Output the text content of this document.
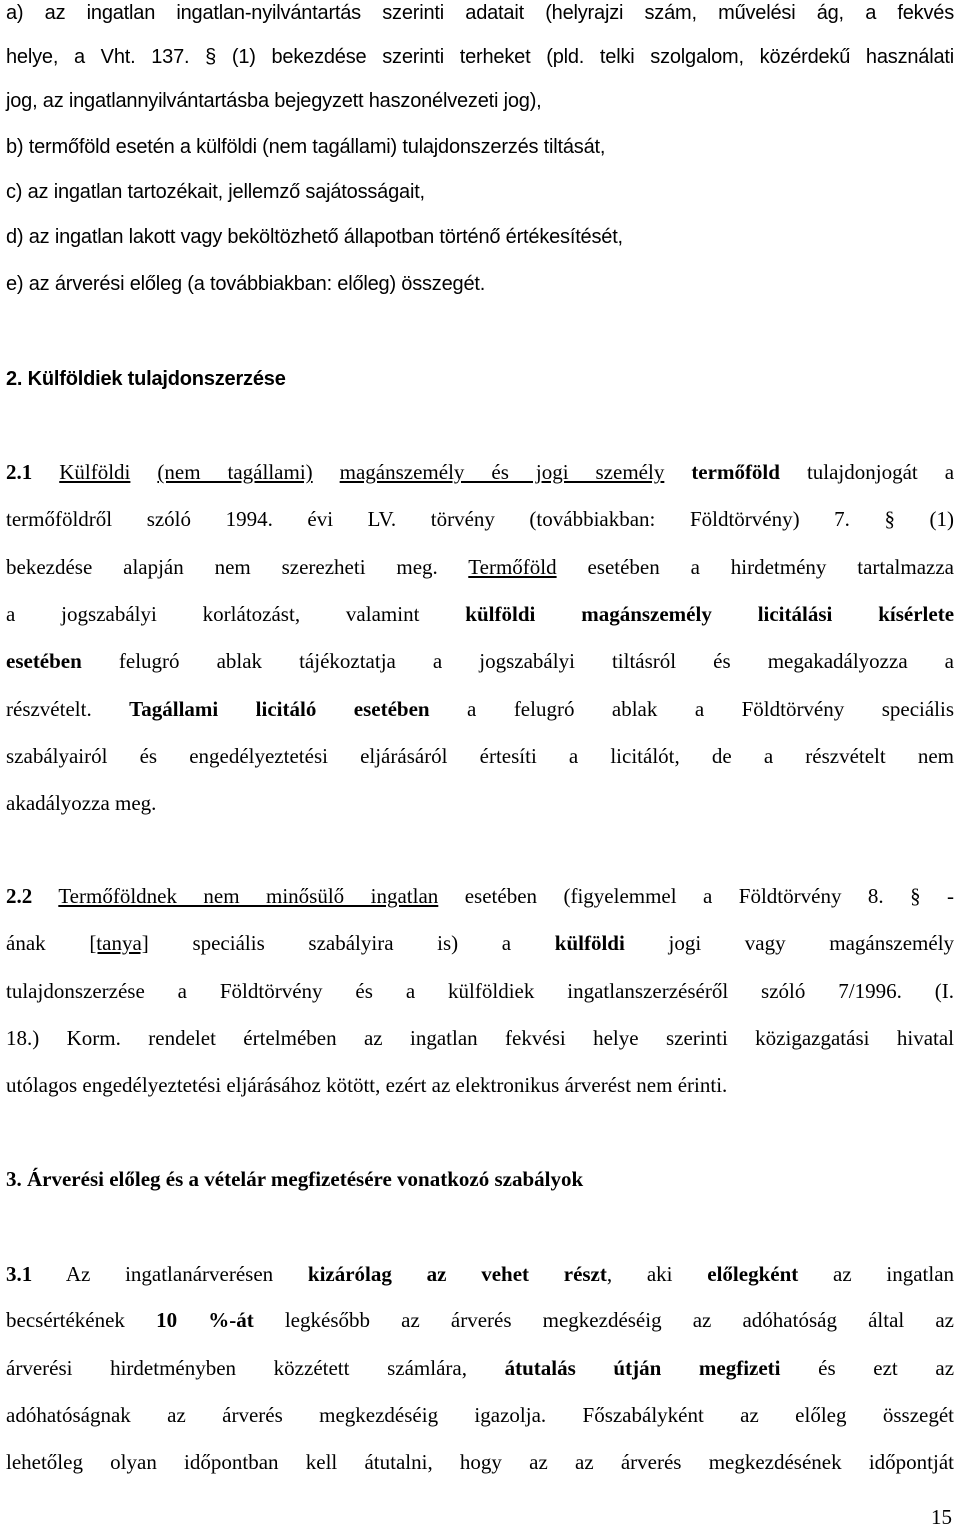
a) az ingatlan ingatlan-nyilvántartás szerinti adatait (helyrajzi szám, művelési ág, a fekvés
helye, a Vht. 137. § (1) bekezdése szerinti terheket (pld. telki szolgalom, közérdekű használati
jog, az ingatlannyilvántartásba bejegyzett haszonélvezeti jog),
b) termőföld esetén a külföldi (nem tagállami) tulajdonszerzés tiltását,
c) az ingatlan tartozékait, jellemző sajátosságait,
d) az ingatlan lakott vagy beköltözhető állapotban történő értékesítését,
e) az árverési előleg (a továbbiakban: előleg) összegét.
2. Külföldiek tulajdonszerzése
2.1 Külföldi (nem tagállami) magánszemély és jogi személy termőföld tulajdonjogát a
termőföldről szóló 1994. évi LV. törvény (továbbiakban: Földtörvény) 7. § (1)
bekezdése alapján nem szerezheti meg. Termőföld esetében a hirdetmény tartalmazza
a jogszabályi korlátozást, valamint külföldi magánszemély licitálási kísérlete
esetében felugró ablak tájékoztatja a jogszabályi tiltásról és megakadályozza a
részvételt. Tagállami licitáló esetében a felugró ablak a Földtörvény speciális
szabályairól és engedélyeztetési eljárásáról értesíti a licitálót, de a részvételt nem
akadályozza meg.
2.2 Termőföldnek nem minősülő ingatlan esetében (figyelemmel a Földtörvény 8. § -
ának [tanya] speciális szabályira is) a külföldi jogi vagy magánszemély
tulajdonszerzése a Földtörvény és a külföldiek ingatlanszerzéséről szóló 7/1996. (I.
18.) Korm. rendelet értelmében az ingatlan fekvési helye szerinti közigazgatási hivatal
utólagos engedélyeztetési eljárásához kötött, ezért az elektronikus árverést nem érinti.
3. Árverési előleg és a vételár megfizetésére vonatkozó szabályok
3.1 Az ingatlanárverésen kizárólag az vehet részt, aki előlegként az ingatlan
becsértékének 10 %-át legkésőbb az árverés megkezdéséig az adóhatóság által az
árverési hirdetményben közzétett számlára, átutalás útján megfizeti és ezt az
adóhatóságnak az árverés megkezdéséig igazolja. Főszabályként az előleg összegét
lehetőleg olyan időpontban kell átutalni, hogy az az árverés megkezdésének időpontját
15
